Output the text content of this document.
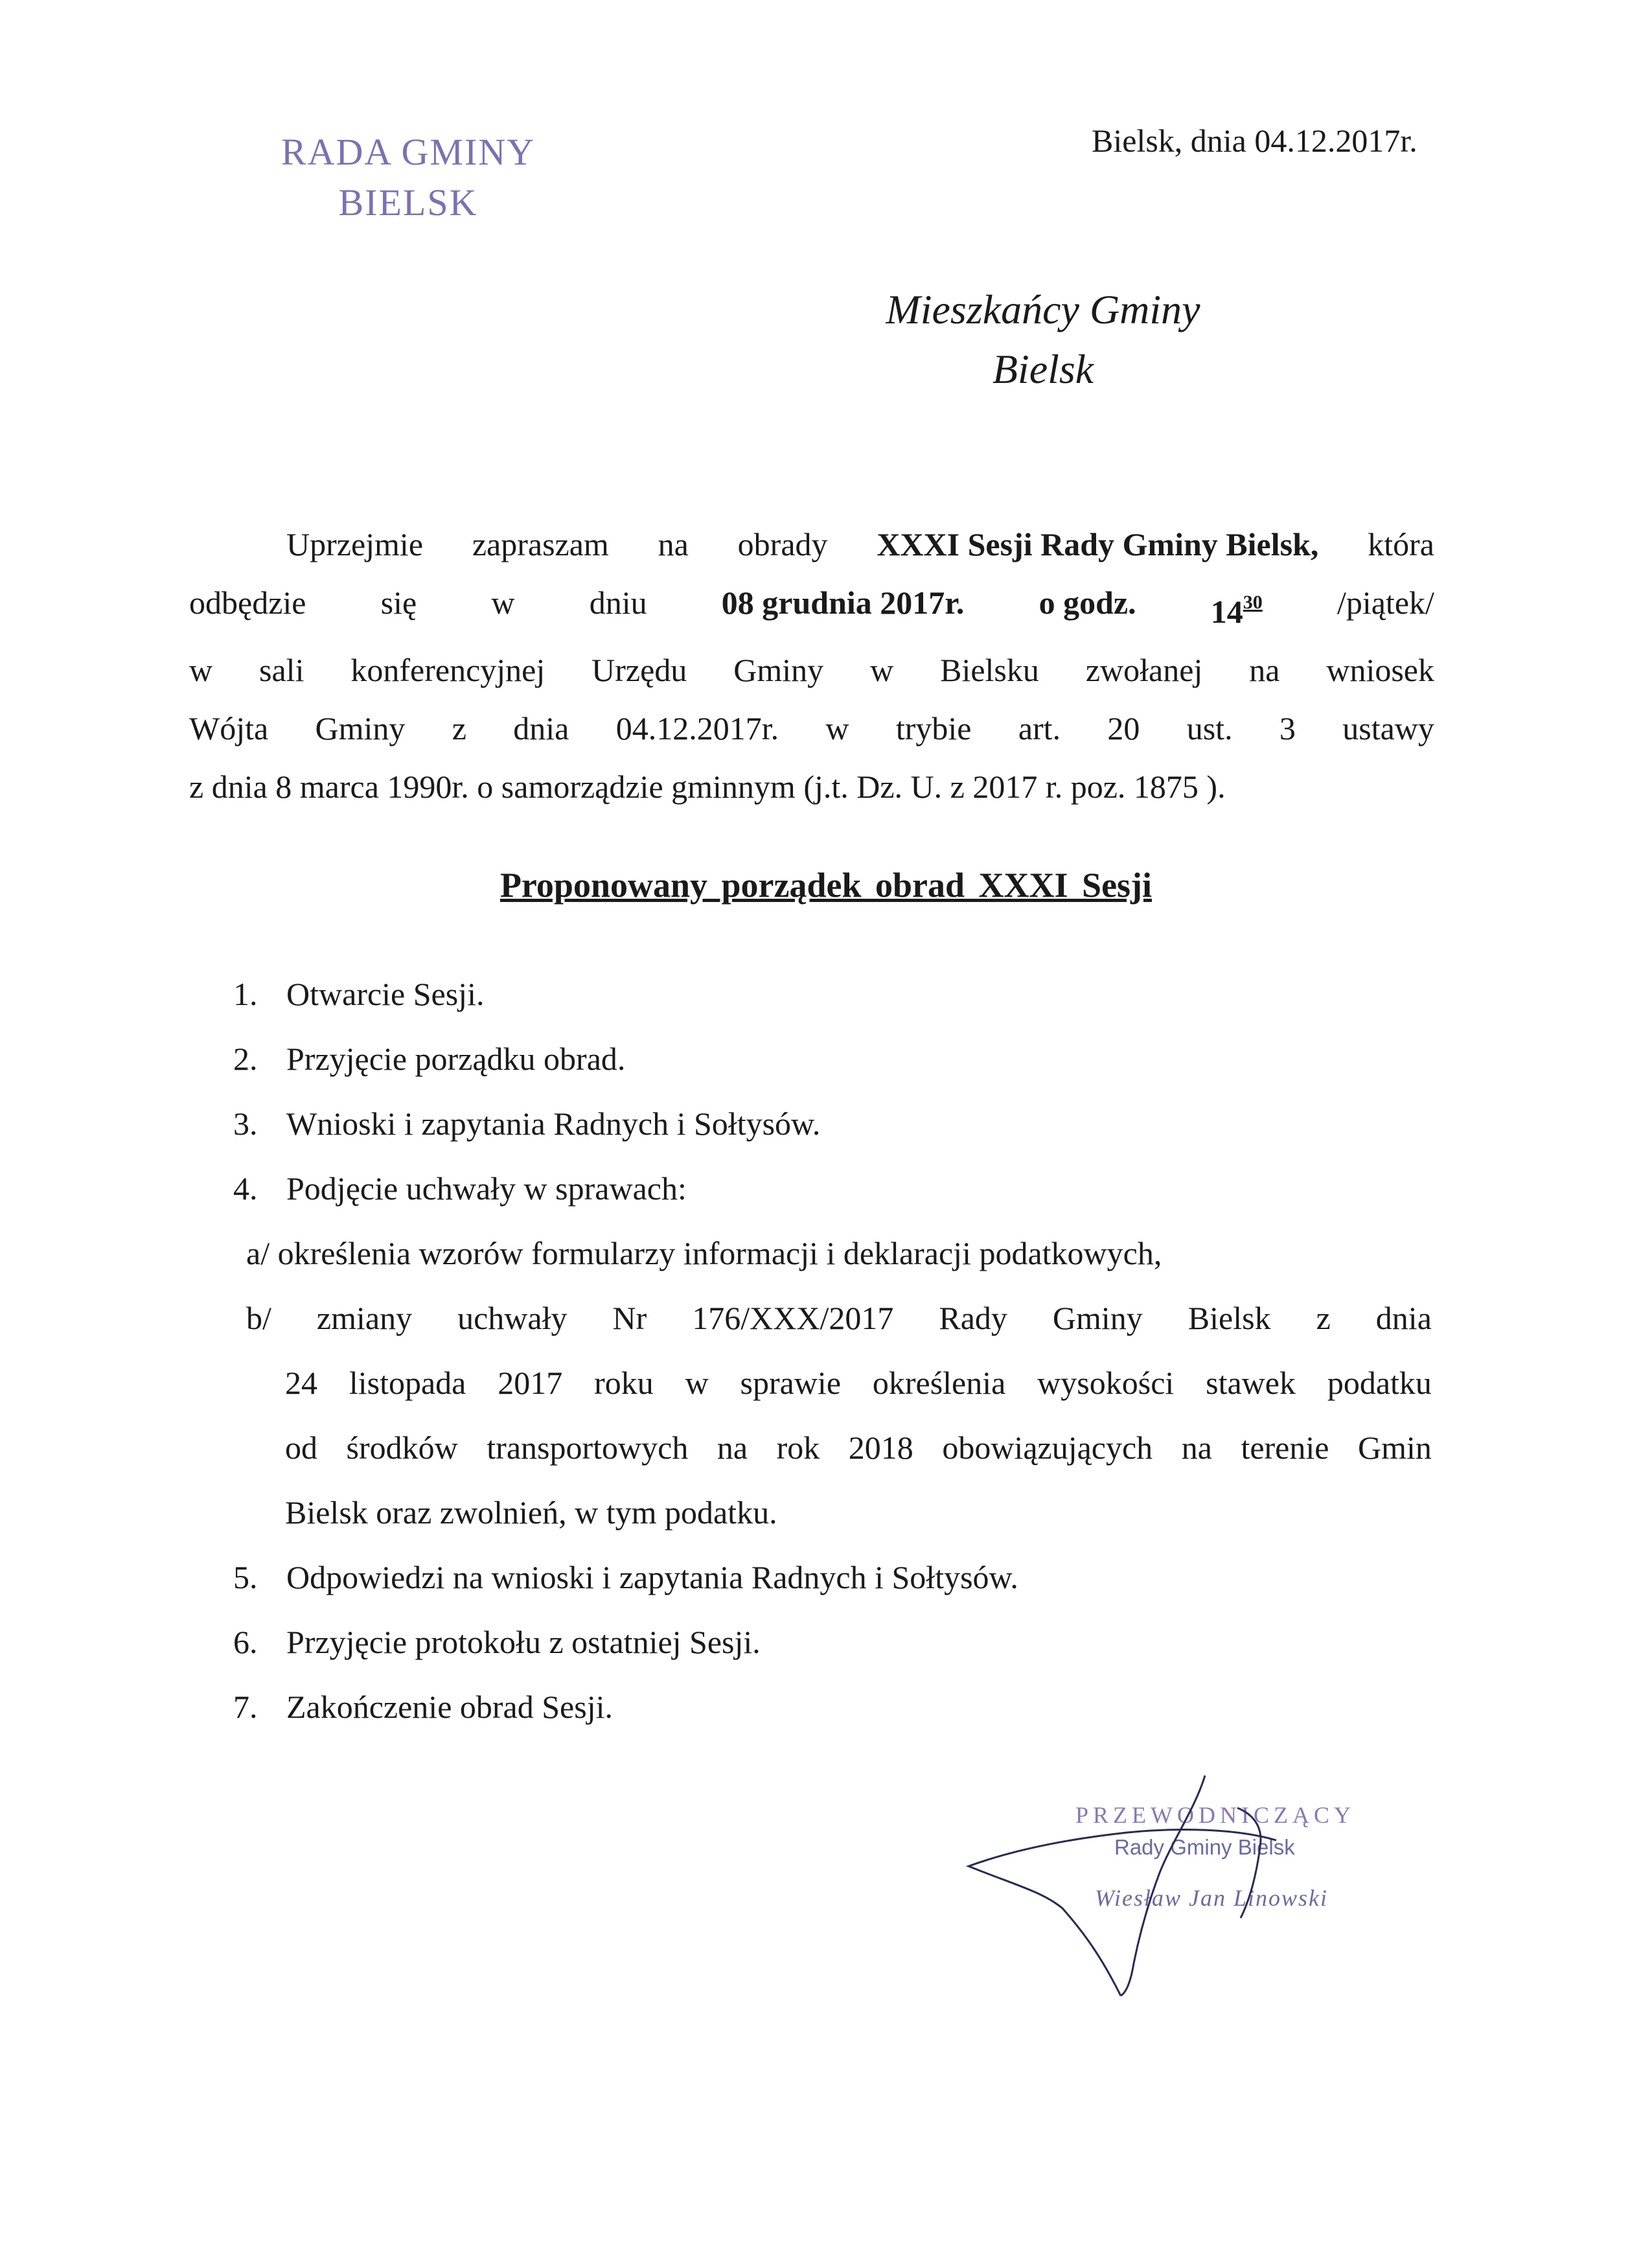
RADA GMINY
BIELSK
Bielsk, dnia 04.12.2017r.
Mieszkańcy Gminy
Bielsk
Uprzejmie zapraszam na obrady XXXI Sesji Rady Gminy Bielsk, która
odbędzie się w dniu 08 grudnia 2017r. o godz. $14^{30}$ /piątek/
w sali konferencyjnej Urzędu Gminy w Bielsku zwołanej na wniosek
Wójta Gminy z dnia 04.12.2017r. w trybie art. 20 ust. 3 ustawy
z dnia 8 marca 1990r. o samorządzie gminnym (j.t. Dz. U. z 2017 r. poz. 1875 ).
Proponowany porządek obrad XXXI Sesji
1. Otwarcie Sesji.
2. Przyjęcie porządku obrad.
3. Wnioski i zapytania Radnych i Sołtysów.
4. Podjęcie uchwały w sprawach:
a/ określenia wzorów formularzy informacji i deklaracji podatkowych,
b/ zmiany uchwały Nr 176/XXX/2017 Rady Gminy Bielsk z dnia
24 listopada 2017 roku w sprawie określenia wysokości stawek podatku
od środków transportowych na rok 2018 obowiązujących na terenie Gmin
Bielsk oraz zwolnień, w tym podatku.
5. Odpowiedzi na wnioski i zapytania Radnych i Sołtysów.
6. Przyjęcie protokołu z ostatniej Sesji.
7. Zakończenie obrad Sesji.
PRZEWODNICZĄCY
Rady Gminy Bielsk
Wiesław Jan Linowski
